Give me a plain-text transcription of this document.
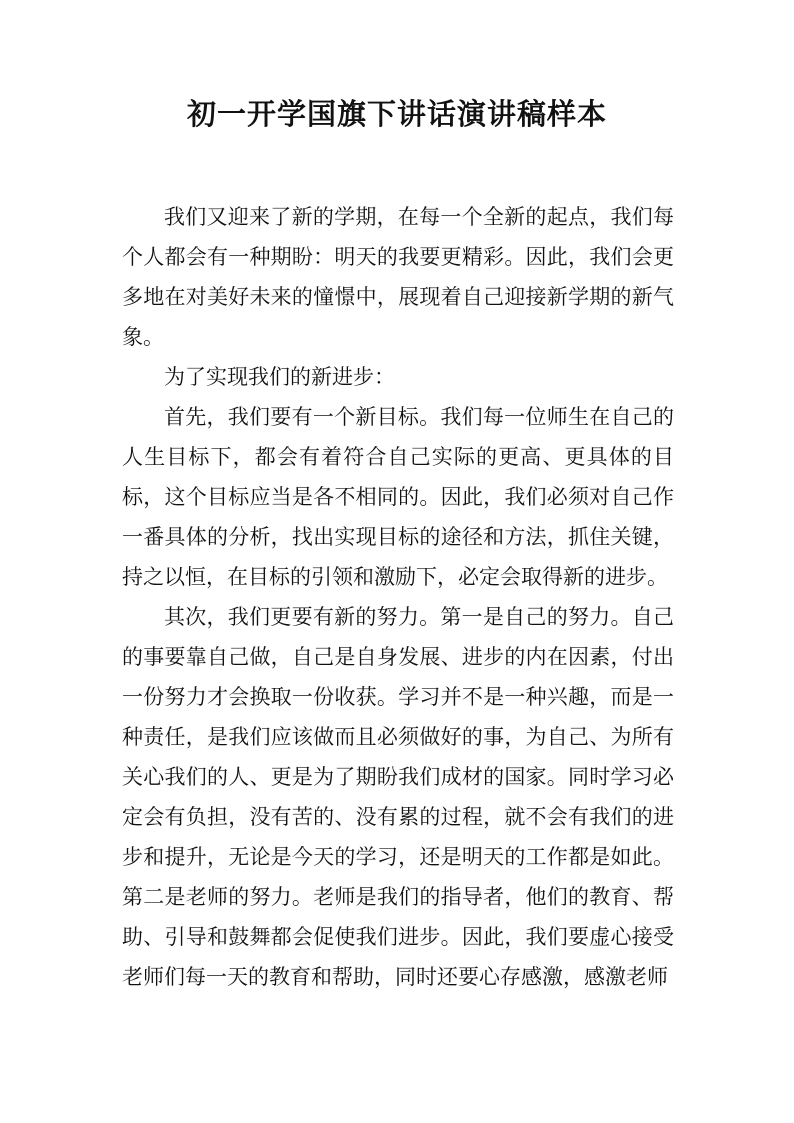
初一开学国旗下讲话演讲稿样本

我们又迎来了新的学期，在每一个全新的起点，我们每个人都会有一种期盼：明天的我要更精彩。因此，我们会更多地在对美好未来的憧憬中，展现着自己迎接新学期的新气象。

为了实现我们的新进步：

首先，我们要有一个新目标。我们每一位师生在自己的人生目标下，都会有着符合自己实际的更高、更具体的目标，这个目标应当是各不相同的。因此，我们必须对自己作一番具体的分析，找出实现目标的途径和方法，抓住关键，持之以恒，在目标的引领和激励下，必定会取得新的进步。

其次，我们更要有新的努力。第一是自己的努力。自己的事要靠自己做，自己是自身发展、进步的内在因素，付出一份努力才会换取一份收获。学习并不是一种兴趣，而是一种责任，是我们应该做而且必须做好的事，为自己、为所有关心我们的人、更是为了期盼我们成材的国家。同时学习必定会有负担，没有苦的、没有累的过程，就不会有我们的进步和提升，无论是今天的学习，还是明天的工作都是如此。第二是老师的努力。老师是我们的指导者，他们的教育、帮助、引导和鼓舞都会促使我们进步。因此，我们要虚心接受老师们每一天的教育和帮助，同时还要心存感激，感激老师
